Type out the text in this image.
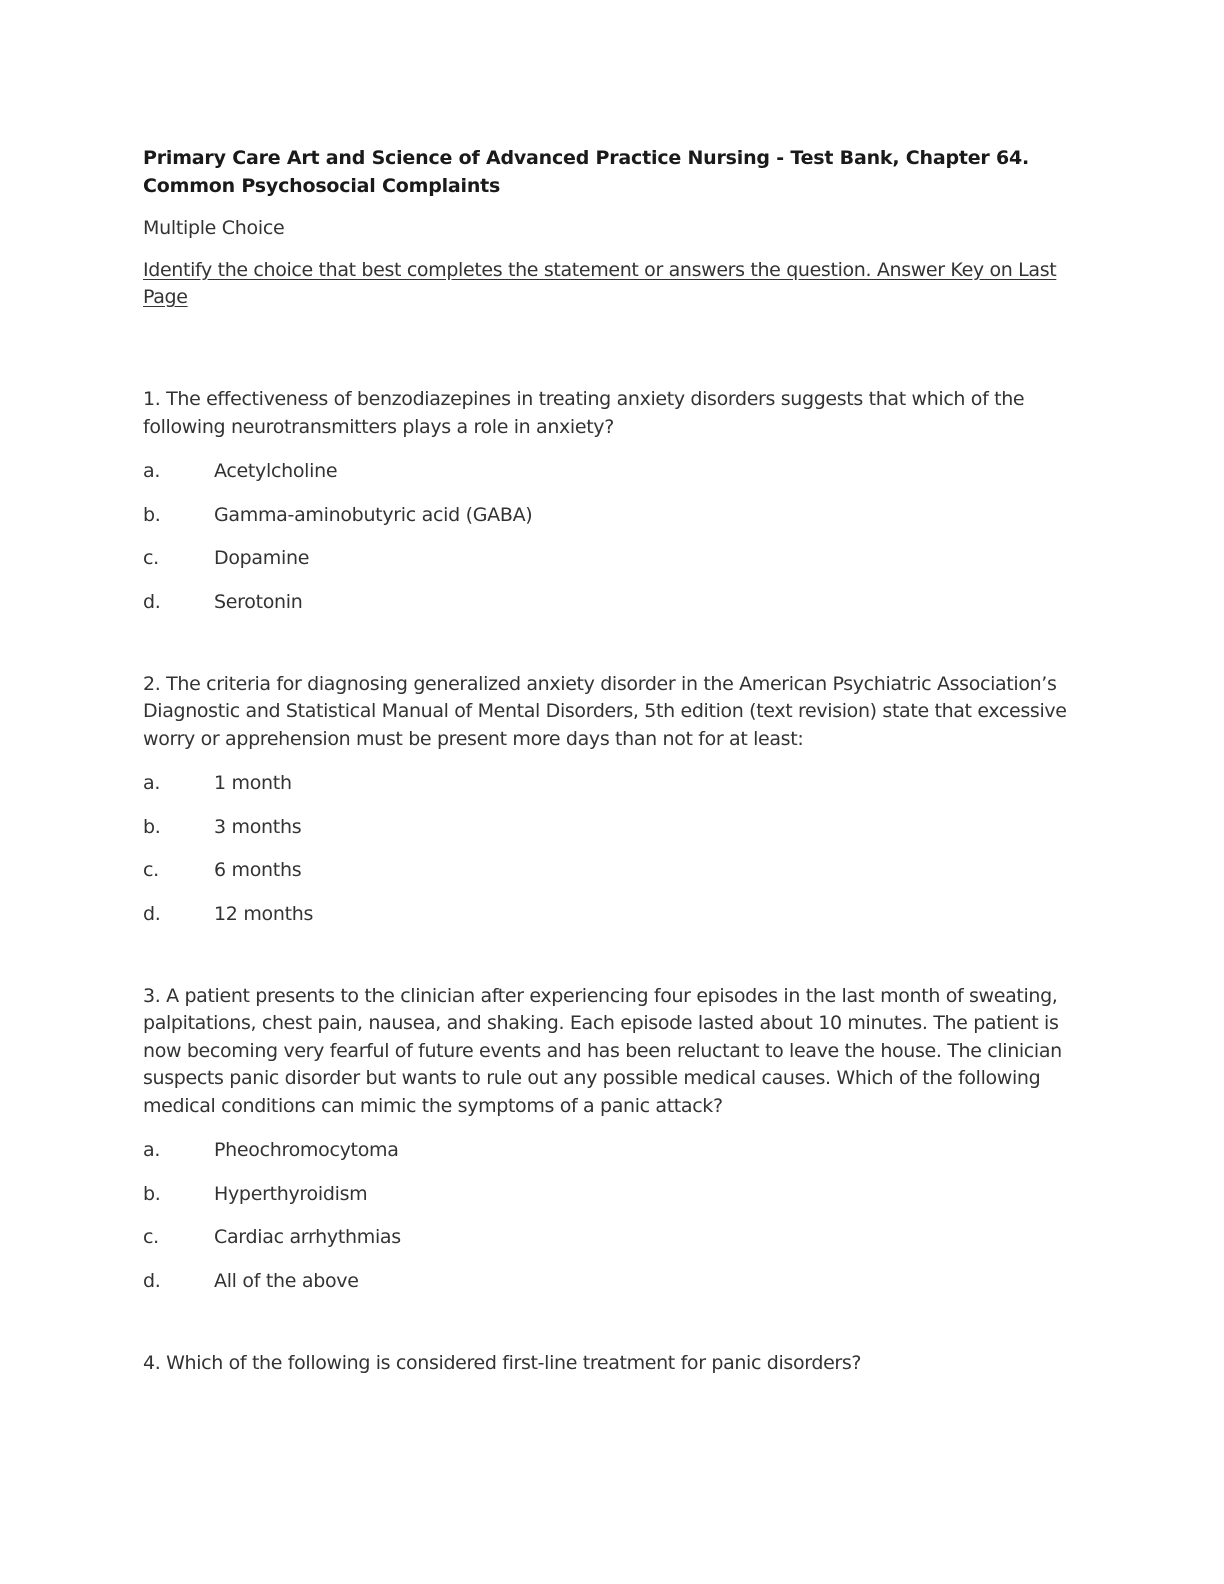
Primary Care Art and Science of Advanced Practice Nursing - Test Bank, Chapter 64. Common Psychosocial Complaints
Multiple Choice
Identify the choice that best completes the statement or answers the question. Answer Key on Last Page

1. The effectiveness of benzodiazepines in treating anxiety disorders suggests that which of the following neurotransmitters plays a role in anxiety?

a.	Acetylcholine
b.	Gamma-aminobutyric acid (GABA)
c.	Dopamine
d.	Serotonin

2. The criteria for diagnosing generalized anxiety disorder in the American Psychiatric Association’s Diagnostic and Statistical Manual of Mental Disorders, 5th edition (text revision) state that excessive worry or apprehension must be present more days than not for at least:

a.	1 month
b.	3 months
c.	6 months
d.	12 months

3. A patient presents to the clinician after experiencing four episodes in the last month of sweating, palpitations, chest pain, nausea, and shaking. Each episode lasted about 10 minutes. The patient is now becoming very fearful of future events and has been reluctant to leave the house. The clinician suspects panic disorder but wants to rule out any possible medical causes. Which of the following medical conditions can mimic the symptoms of a panic attack?

a.	Pheochromocytoma
b.	Hyperthyroidism
c.	Cardiac arrhythmias
d.	All of the above

4. Which of the following is considered first-line treatment for panic disorders?
